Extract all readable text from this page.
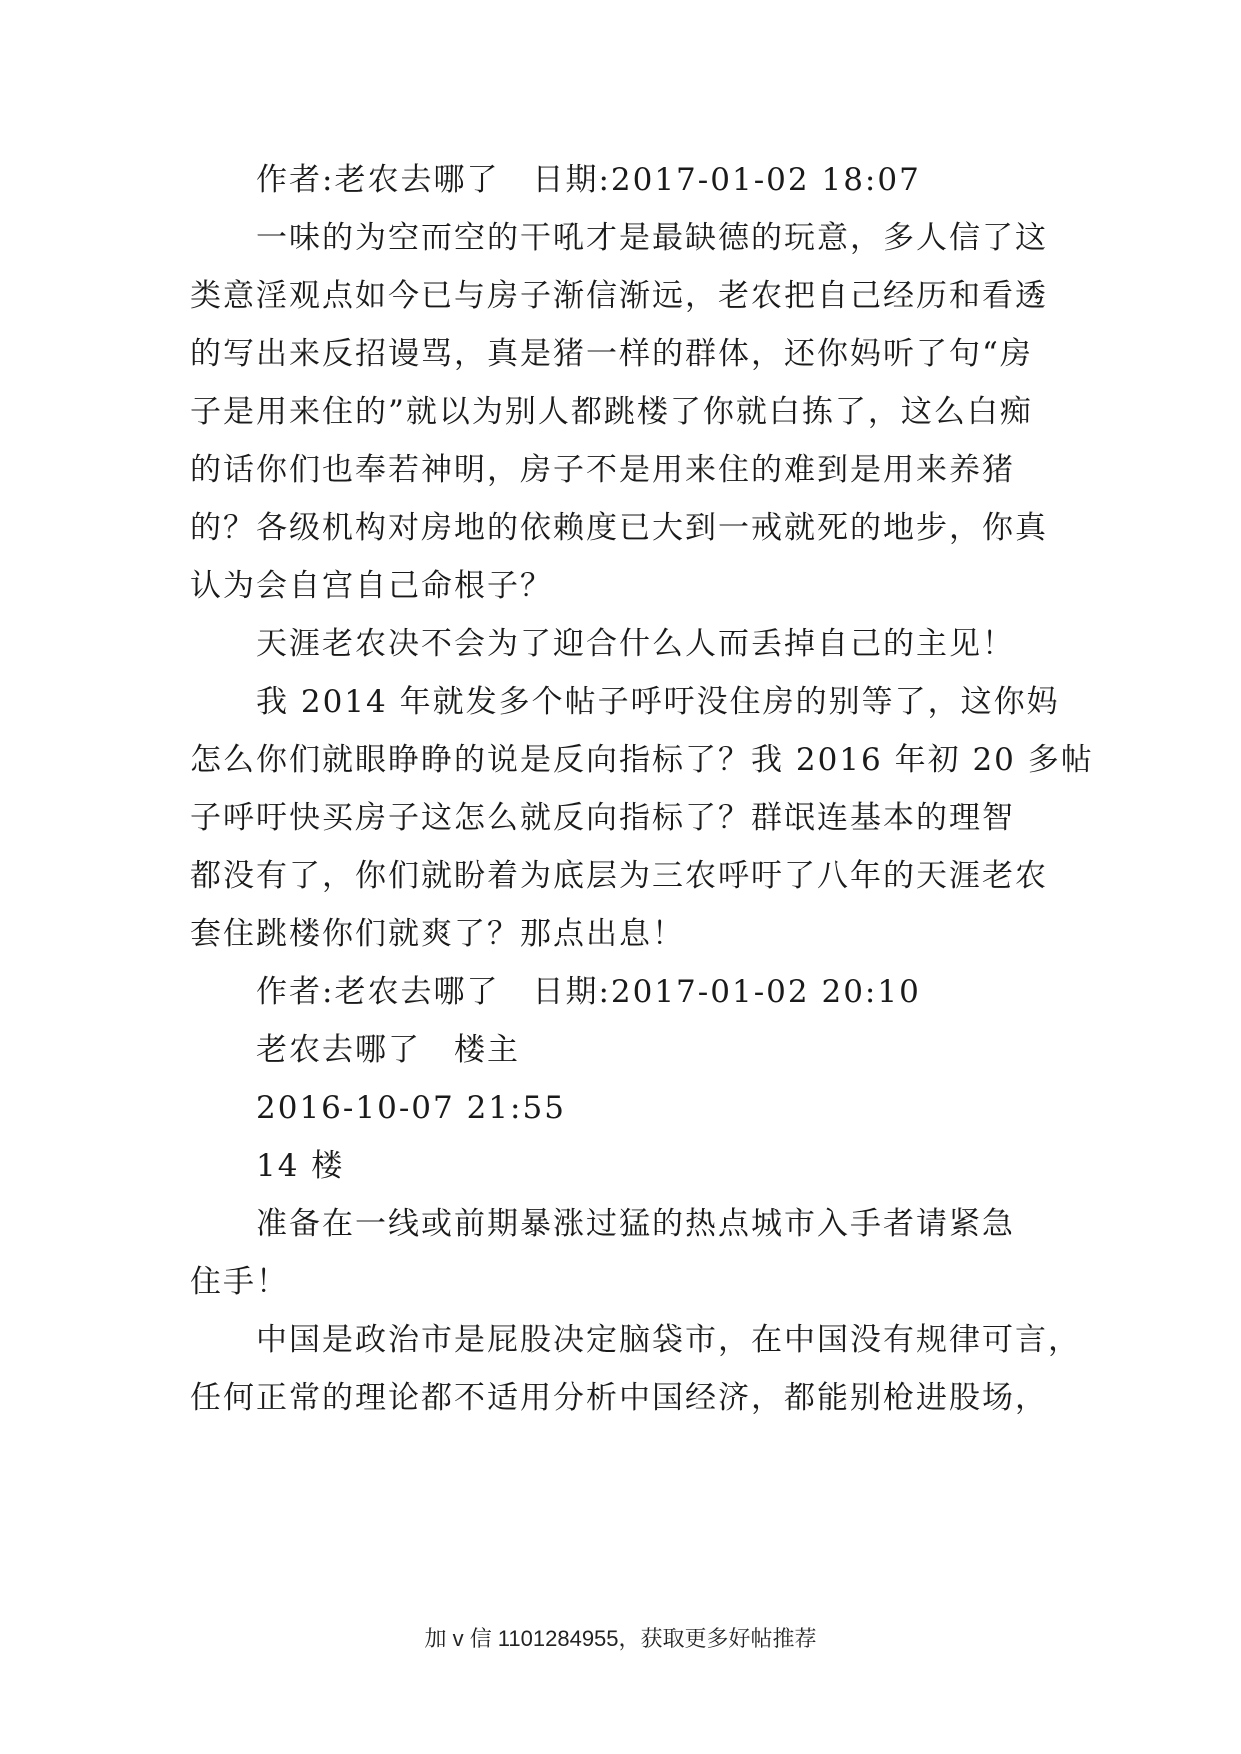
作者:老农去哪了　日期:2017-01-02 18:07
一味的为空而空的干吼才是最缺德的玩意，多人信了这
类意淫观点如今已与房子渐信渐远，老农把自己经历和看透
的写出来反招谩骂，真是猪一样的群体，还你妈听了句“房
子是用来住的”就以为别人都跳楼了你就白拣了，这么白痴
的话你们也奉若神明，房子不是用来住的难到是用来养猪
的？各级机构对房地的依赖度已大到一戒就死的地步，你真
认为会自宫自己命根子？
天涯老农决不会为了迎合什么人而丢掉自己的主见！
我 2014 年就发多个帖子呼吁没住房的别等了，这你妈
怎么你们就眼睁睁的说是反向指标了？我 2016 年初 20 多帖
子呼吁快买房子这怎么就反向指标了？群氓连基本的理智
都没有了，你们就盼着为底层为三农呼吁了八年的天涯老农
套住跳楼你们就爽了？那点出息！
作者:老农去哪了　日期:2017-01-02 20:10
老农去哪了　楼主
2016-10-07 21:55
14 楼
准备在一线或前期暴涨过猛的热点城市入手者请紧急
住手！
中国是政治市是屁股决定脑袋市，在中国没有规律可言，
任何正常的理论都不适用分析中国经济，都能别枪进股场，
加 v 信 1101284955，获取更多好帖推荐
